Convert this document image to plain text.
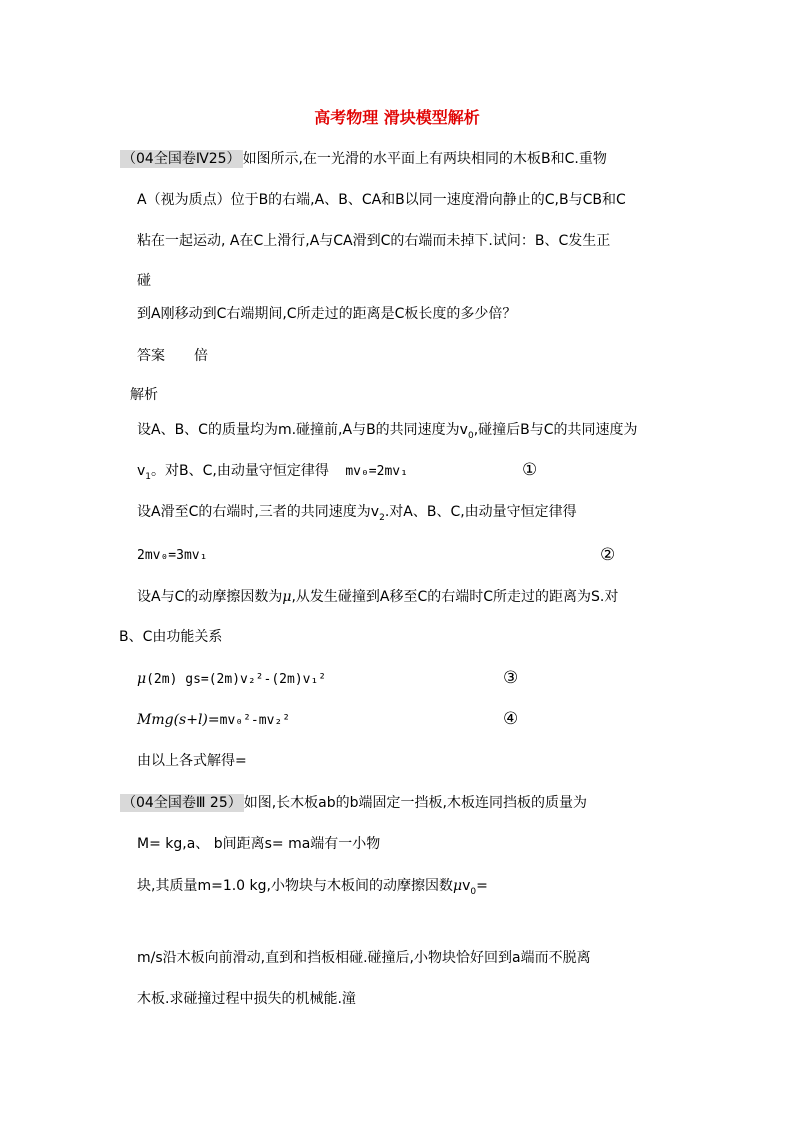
高考物理 滑块模型解析
（04全国卷Ⅳ25） 如图所示,在一光滑的水平面上有两块相同的木板B和C.重物
A（视为质点）位于B的右端,A、B、CA和B以同一速度滑向静止的C,B与CB和C
粘在一起运动, A在C上滑行,A与CA滑到C的右端而未掉下.试问：B、C发生正
碰
到A刚移动到C右端期间,C所走过的距离是C板长度的多少倍？
答案 倍
解析
设A、B、C的质量均为m.碰撞前,A与B的共同速度为$v_0$,碰撞后B与C的共同速度为
$v_1$。对B、C,由动量守恒定律得 mv₀=2mv₁	①
设A滑至C的右端时,三者的共同速度为$v_2$.对A、B、C,由动量守恒定律得
2mv₀=3mv₁	②
设A与C的动摩擦因数为μ,从发生碰撞到A移至C的右端时C所走过的距离为S.对
B、C由功能关系
μ(2m) gs=(2m)v₂²-(2m)v₁²	③
Mmg(s+l)=mv₀²-mv₂²	④
由以上各式解得=
（04全国卷Ⅲ 25） 如图,长木板ab的b端固定一挡板,木板连同挡板的质量为
M= kg,a、 b间距离s= ma端有一小物
块,其质量m=1.0 kg,小物块与木板间的动摩擦因数$\mu v_0=$
m/s沿木板向前滑动,直到和挡板相碰.碰撞后,小物块恰好回到a端而不脱离
木板.求碰撞过程中损失的机械能.潼
